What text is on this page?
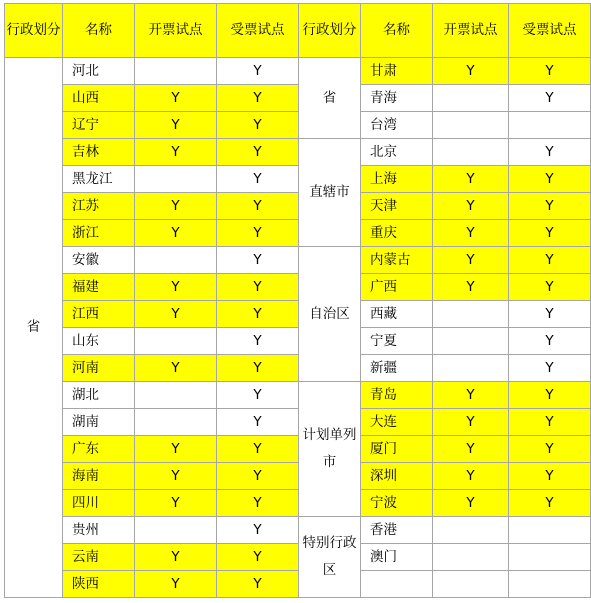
行政划分	名称	开票试点	受票试点	行政划分	名称	开票试点	受票试点
省	河北		Y	省	甘肃	Y	Y
	山西	Y	Y		青海		Y
	辽宁	Y	Y		台湾		
	吉林	Y	Y	直辖市	北京		Y
	黑龙江		Y		上海	Y	Y
	江苏	Y	Y		天津	Y	Y
	浙江	Y	Y		重庆	Y	Y
	安徽		Y	自治区	内蒙古	Y	Y
	福建	Y	Y		广西	Y	Y
	江西	Y	Y		西藏		Y
	山东		Y		宁夏		Y
	河南	Y	Y		新疆		Y
	湖北		Y	计划单列市	青岛	Y	Y
	湖南		Y		大连	Y	Y
	广东	Y	Y		厦门	Y	Y
	海南	Y	Y		深圳	Y	Y
	四川	Y	Y		宁波	Y	Y
	贵州		Y	特别行政区	香港		
	云南	Y	Y		澳门		
	陕西	Y	Y				
